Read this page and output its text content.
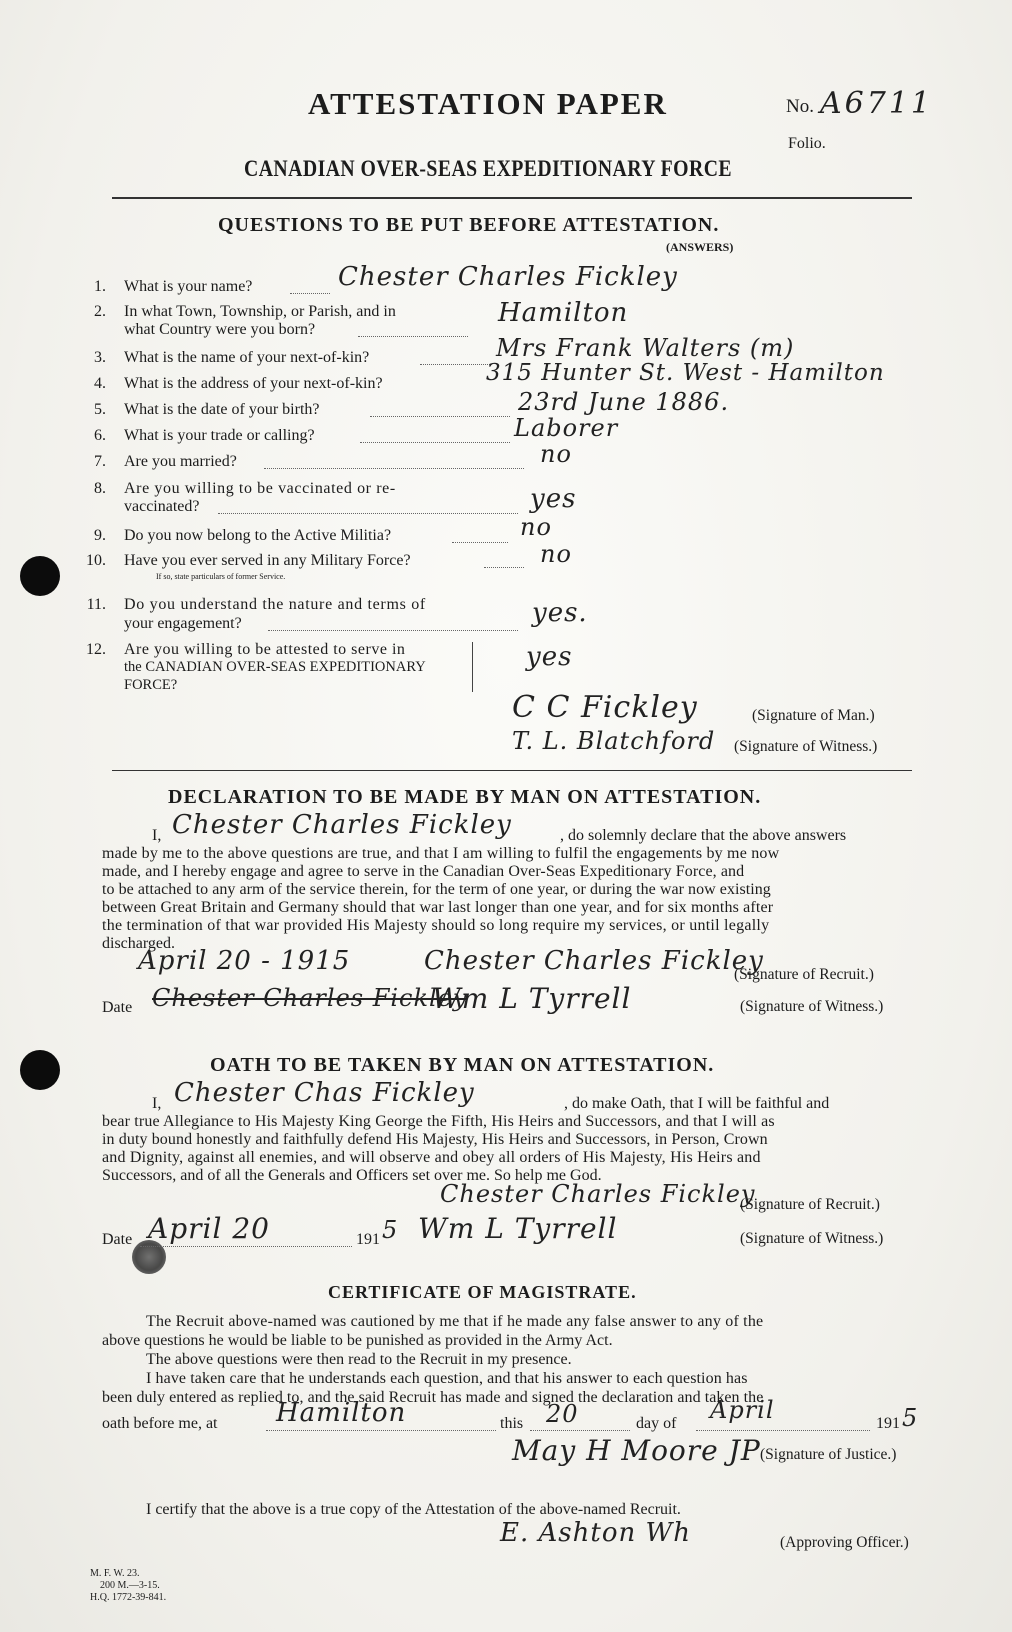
ATTESTATION PAPER	No. A6711
Folio.
CANADIAN OVER-SEAS EXPEDITIONARY FORCE
QUESTIONS TO BE PUT BEFORE ATTESTATION.
(ANSWERS)
1. What is your name?	Chester Charles Fickley
2. In what Town, Township, or Parish, and in
what Country were you born?
Hamilton
3. What is the name of your next-of-kin?	Mrs Frank Walters (m)
4. What is the address of your next-of-kin?	315 Hunter St. West - Hamilton
5. What is the date of your birth?	23rd June 1886.
6. What is your trade or calling?	Laborer
7. Are you married?	no
8. Are you willing to be vaccinated or re-
vaccinated?	yes
9. Do you now belong to the Active Militia?	no
10. Have you ever served in any Military Force?
If so, state particulars of former Service.
no
11. Do you understand the nature and terms of
your engagement?	yes.
12. Are you willing to be attested to serve in
the CANADIAN OVER-SEAS EXPEDITIONARY
FORCE?
yes
C C Fickley	(Signature of Man.)
T. L. Blatchford (Signature of Witness.)
DECLARATION TO BE MADE BY MAN ON ATTESTATION.
I, Chester Charles Fickley	, do solemnly declare that the above answers
made by me to the above questions are true, and that I am willing to fulfil the engagements by me now
made, and I hereby engage and agree to serve in the Canadian Over-Seas Expeditionary Force, and
to be attached to any arm of the service therein, for the term of one year, or during the war now existing
between Great Britain and Germany should that war last longer than one year, and for six months after
the termination of that war provided His Majesty should so long require my services, or until legally
discharged.
April 20 - 1915	Chester Charles Fickley
(Signature of Recruit.)
Date Chester Charles Fickley
Wm L Tyrrell	(Signature of Witness.)
OATH TO BE TAKEN BY MAN ON ATTESTATION.
I, Chester Chas Fickley	, do make Oath, that I will be faithful and
bear true Allegiance to His Majesty King George the Fifth, His Heirs and Successors, and that I will as
in duty bound honestly and faithfully defend His Majesty, His Heirs and Successors, in Person, Crown
and Dignity, against all enemies, and will observe and obey all orders of His Majesty, His Heirs and
Successors, and of all the Generals and Officers set over me. So help me God.
Chester Charles Fickley
(Signature of Recruit.)
Date April 20	191 5 Wm L Tyrrell	(Signature of Witness.)
CERTIFICATE OF MAGISTRATE.
The Recruit above-named was cautioned by me that if he made any false answer to any of the
above questions he would be liable to be punished as provided in the Army Act.
The above questions were then read to the Recruit in my presence.
I have taken care that he understands each question, and that his answer to each question has
been duly entered as replied to, and the said Recruit has made and signed the declaration and taken the
oath before me, at Hamilton	this 20	day of April	191 5
May H Moore JP (Signature of Justice.)
I certify that the above is a true copy of the Attestation of the above-named Recruit.
E. Ashton Wh	(Approving Officer.)
M. F. W. 23.
200 M.—3-15.
H.Q. 1772-39-841.
